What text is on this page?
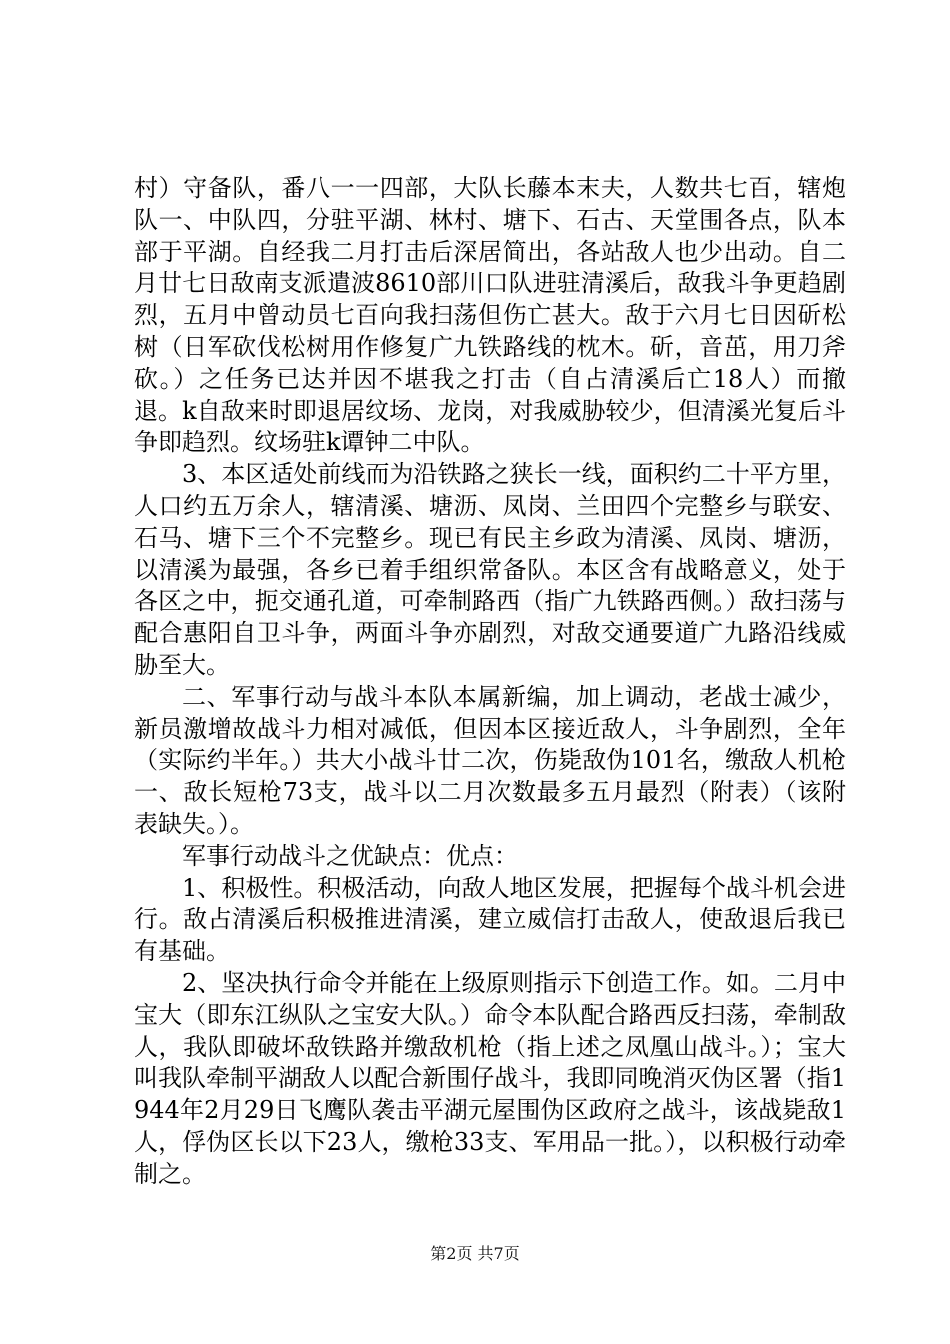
村）守备队，番八一一四部，大队长藤本末夫，人数共七百，辖炮队一、中队四，分驻平湖、林村、塘下、石古、天堂围各点，队本部于平湖。自经我二月打击后深居简出，各站敌人也少出动。自二月廿七日敌南支派遣波8610部川口队进驻清溪后，敌我斗争更趋剧烈，五月中曾动员七百向我扫荡但伤亡甚大。敌于六月七日因斫松树（日军砍伐松树用作修复广九铁路线的枕木。斫，音茁，用刀斧砍。）之任务已达并因不堪我之打击（自占清溪后亡18人）而撤退。k自敌来时即退居纹场、龙岗，对我威胁较少，但清溪光复后斗争即趋烈。纹场驻k谭钟二中队。

3、本区适处前线而为沿铁路之狭长一线，面积约二十平方里，人口约五万余人，辖清溪、塘沥、凤岗、兰田四个完整乡与联安、石马、塘下三个不完整乡。现已有民主乡政为清溪、凤岗、塘沥，以清溪为最强，各乡已着手组织常备队。本区含有战略意义，处于各区之中，扼交通孔道，可牵制路西（指广九铁路西侧。）敌扫荡与配合惠阳自卫斗争，两面斗争亦剧烈，对敌交通要道广九路沿线威胁至大。

二、军事行动与战斗本队本属新编，加上调动，老战士减少，新员激增故战斗力相对减低，但因本区接近敌人，斗争剧烈，全年（实际约半年。）共大小战斗廿二次，伤毙敌伪101名，缴敌人机枪一、敌长短枪73支，战斗以二月次数最多五月最烈（附表）（该附表缺失。）。

军事行动战斗之优缺点：优点：

1、积极性。积极活动，向敌人地区发展，把握每个战斗机会进行。敌占清溪后积极推进清溪，建立威信打击敌人，使敌退后我已有基础。

2、坚决执行命令并能在上级原则指示下创造工作。如。二月中宝大（即东江纵队之宝安大队。）命令本队配合路西反扫荡，牵制敌人，我队即破坏敌铁路并缴敌机枪（指上述之凤凰山战斗。）；宝大叫我队牵制平湖敌人以配合新围仔战斗，我即同晚消灭伪区署（指1944年2月29日飞鹰队袭击平湖元屋围伪区政府之战斗，该战毙敌1人，俘伪区长以下23人，缴枪33支、军用品一批。），以积极行动牵制之。

第2页 共7页
